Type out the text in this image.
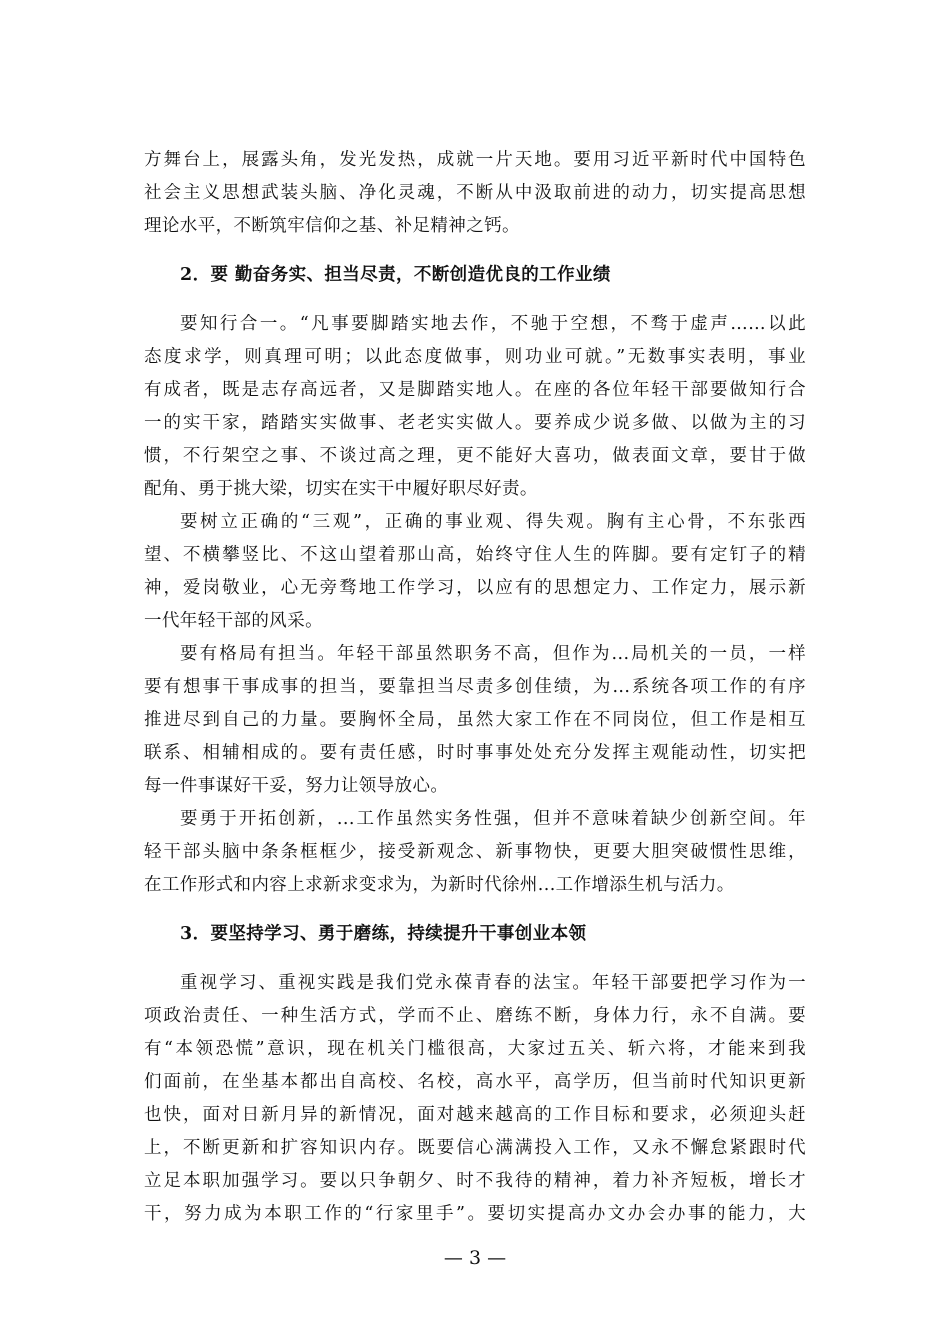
方舞台上，展露头角，发光发热，成就一片天地。要用习近平新时代中国特色
社会主义思想武装头脑、净化灵魂，不断从中汲取前进的动力，切实提高思想
理论水平，不断筑牢信仰之基、补足精神之钙。
2．要 勤奋务实、担当尽责，不断创造优良的工作业绩
要知行合一。“凡事要脚踏实地去作，不驰于空想，不骛于虚声……以此
态度求学，则真理可明；以此态度做事，则功业可就。”无数事实表明，事业
有成者，既是志存高远者，又是脚踏实地人。在座的各位年轻干部要做知行合
一的实干家，踏踏实实做事、老老实实做人。要养成少说多做、以做为主的习
惯，不行架空之事、不谈过高之理，更不能好大喜功，做表面文章，要甘于做
配角、勇于挑大梁，切实在实干中履好职尽好责。
要树立正确的“三观”，正确的事业观、得失观。胸有主心骨，不东张西
望、不横攀竖比、不这山望着那山高，始终守住人生的阵脚。要有定钉子的精
神，爱岗敬业，心无旁骛地工作学习，以应有的思想定力、工作定力，展示新
一代年轻干部的风采。
要有格局有担当。年轻干部虽然职务不高，但作为...局机关的一员，一样
要有想事干事成事的担当，要靠担当尽责多创佳绩，为...系统各项工作的有序
推进尽到自己的力量。要胸怀全局，虽然大家工作在不同岗位，但工作是相互
联系、相辅相成的。要有责任感，时时事事处处充分发挥主观能动性，切实把
每一件事谋好干妥，努力让领导放心。
要勇于开拓创新，...工作虽然实务性强，但并不意味着缺少创新空间。年
轻干部头脑中条条框框少，接受新观念、新事物快，更要大胆突破惯性思维，
在工作形式和内容上求新求变求为，为新时代徐州...工作增添生机与活力。
3．要坚持学习、勇于磨练，持续提升干事创业本领
重视学习、重视实践是我们党永葆青春的法宝。年轻干部要把学习作为一
项政治责任、一种生活方式，学而不止、磨练不断，身体力行，永不自满。要
有“本领恐慌”意识，现在机关门槛很高，大家过五关、斩六将，才能来到我
们面前，在坐基本都出自高校、名校，高水平，高学历，但当前时代知识更新
也快，面对日新月异的新情况，面对越来越高的工作目标和要求，必须迎头赶
上，不断更新和扩容知识内存。既要信心满满投入工作，又永不懈怠紧跟时代
立足本职加强学习。要以只争朝夕、时不我待的精神，着力补齐短板，增长才
干，努力成为本职工作的“行家里手”。要切实提高办文办会办事的能力，大
— 3 —
